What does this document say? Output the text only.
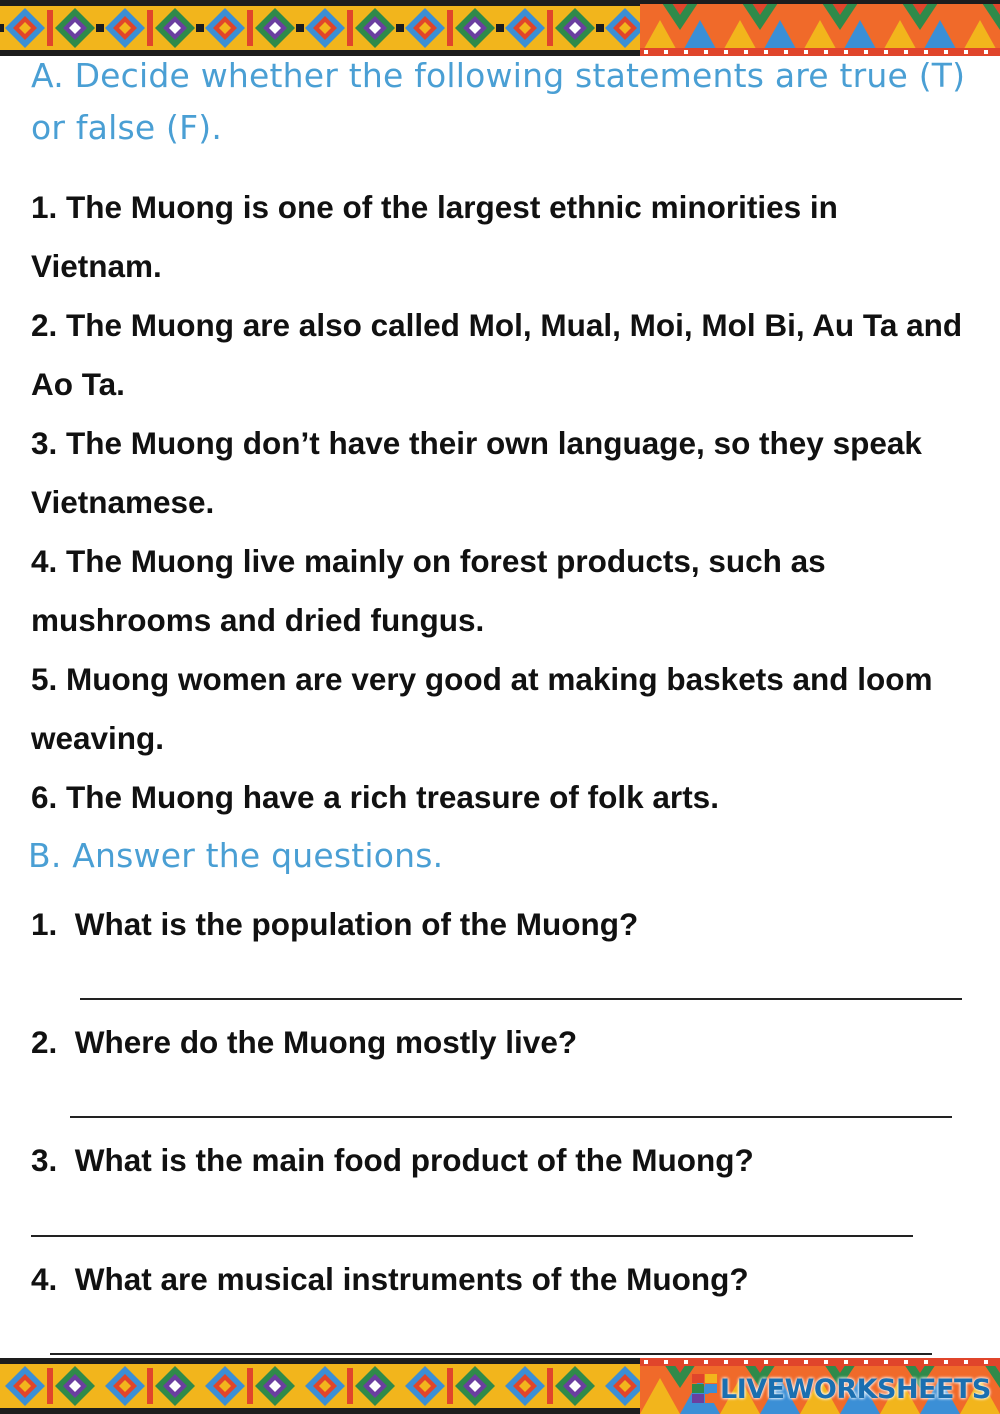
A. Decide whether the following statements are true (T) or false (F).
1. The Muong is one of the largest ethnic minorities in Vietnam.
2. The Muong are also called Mol, Mual, Moi, Mol Bi, Au Ta and Ao Ta.
3. The Muong don’t have their own language, so they speak Vietnamese.
4. The Muong live mainly on forest products, such as mushrooms and dried fungus.
5. Muong women are very good at making baskets and loom weaving.
6. The Muong have a rich treasure of folk arts.
B. Answer the questions.
1.
What is the population of the Muong?
2.
Where do the Muong mostly live?
3.
What is the main food product of the Muong?
4.
What are musical instruments of the Muong?
LIVEWORKSHEETS
